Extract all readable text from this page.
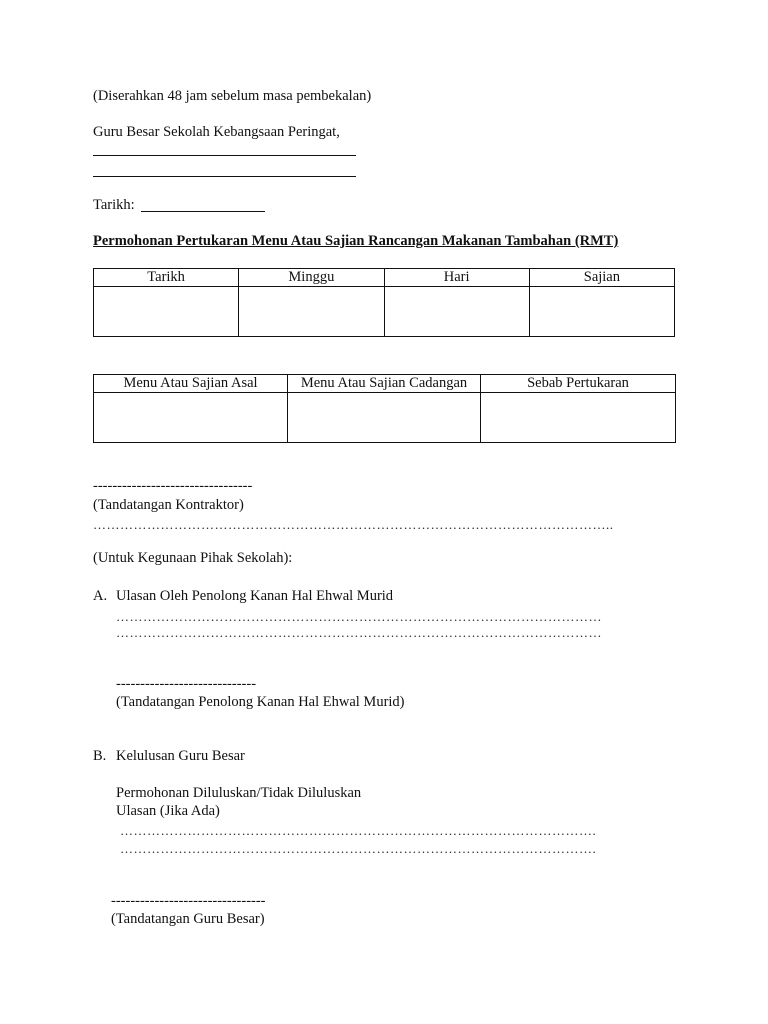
(Diserahkan 48 jam sebelum masa pembekalan)
Guru Besar Sekolah Kebangsaan Peringat,
Tarikh:
Permohonan Pertukaran Menu Atau Sajian Rancangan Makanan Tambahan (RMT)
Tarikh	Minggu	Hari	Sajian

Menu Atau Sajian Asal	Menu Atau Sajian Cadangan	Sebab Pertukaran

---------------------------------
(Tandatangan Kontraktor)
……………………………………………………………………………………………………..
(Untuk Kegunaan Pihak Sekolah):
A. Ulasan Oleh Penolong Kanan Hal Ehwal Murid
………………………………………………………………………………………………
………………………………………………………………………………………………
-----------------------------
(Tandatangan Penolong Kanan Hal Ehwal Murid)
B. Kelulusan Guru Besar
Permohonan Diluluskan/Tidak Diluluskan
Ulasan (Jika Ada)
…………………………………………………………………………………………….
…………………………………………………………………………………………….
--------------------------------
(Tandatangan Guru Besar)
